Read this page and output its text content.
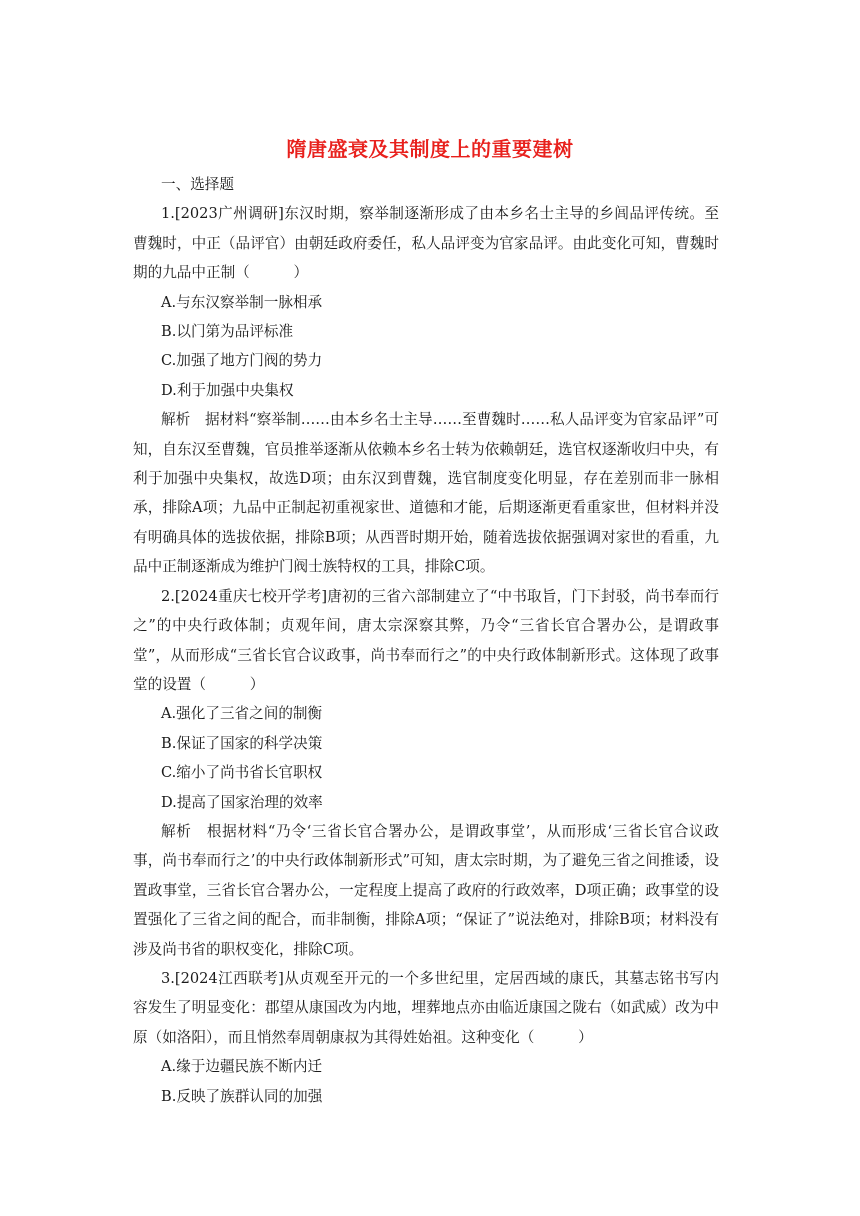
隋唐盛衰及其制度上的重要建树

一、选择题

1.[2023广州调研]东汉时期，察举制逐渐形成了由本乡名士主导的乡闾品评传统。至曹魏时，中正（品评官）由朝廷政府委任，私人品评变为官家品评。由此变化可知，曹魏时期的九品中正制（　　　）

A.与东汉察举制一脉相承

B.以门第为品评标准

C.加强了地方门阀的势力

D.利于加强中央集权

解析　据材料“察举制……由本乡名士主导……至曹魏时……私人品评变为官家品评”可知，自东汉至曹魏，官员推举逐渐从依赖本乡名士转为依赖朝廷，选官权逐渐收归中央，有利于加强中央集权，故选D项；由东汉到曹魏，选官制度变化明显，存在差别而非一脉相承，排除A项；九品中正制起初重视家世、道德和才能，后期逐渐更看重家世，但材料并没有明确具体的选拔依据，排除B项；从西晋时期开始，随着选拔依据强调对家世的看重，九品中正制逐渐成为维护门阀士族特权的工具，排除C项。

2.[2024重庆七校开学考]唐初的三省六部制建立了“中书取旨，门下封驳，尚书奉而行之”的中央行政体制；贞观年间，唐太宗深察其弊，乃令“三省长官合署办公，是谓政事堂”，从而形成“三省长官合议政事，尚书奉而行之”的中央行政体制新形式。这体现了政事堂的设置（　　　）

A.强化了三省之间的制衡

B.保证了国家的科学决策

C.缩小了尚书省长官职权

D.提高了国家治理的效率

解析　根据材料“乃令‘三省长官合署办公，是谓政事堂’，从而形成‘三省长官合议政事，尚书奉而行之’的中央行政体制新形式”可知，唐太宗时期，为了避免三省之间推诿，设置政事堂，三省长官合署办公，一定程度上提高了政府的行政效率，D项正确；政事堂的设置强化了三省之间的配合，而非制衡，排除A项；“保证了”说法绝对，排除B项；材料没有涉及尚书省的职权变化，排除C项。

3.[2024江西联考]从贞观至开元的一个多世纪里，定居西域的康氏，其墓志铭书写内容发生了明显变化：郡望从康国改为内地，埋葬地点亦由临近康国之陇右（如武威）改为中原（如洛阳），而且悄然奉周朝康叔为其得姓始祖。这种变化（　　　）

A.缘于边疆民族不断内迁

B.反映了族群认同的加强
